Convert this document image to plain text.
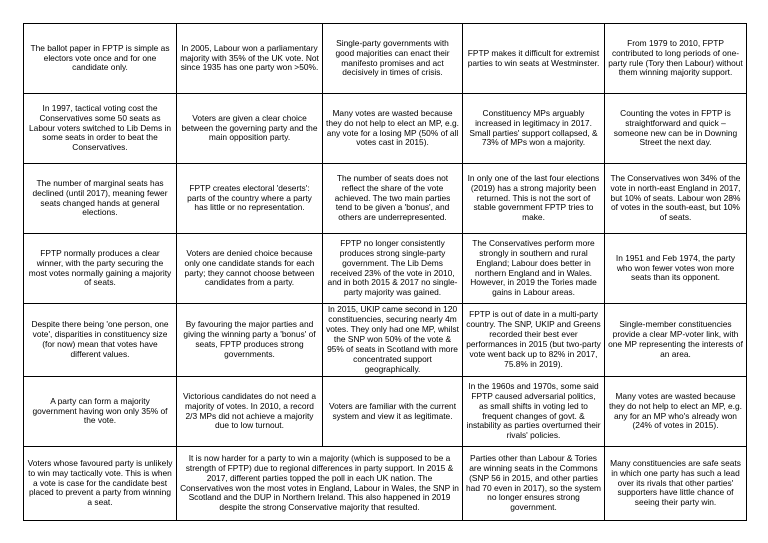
The ballot paper in FPTP is simple as electors vote once and for one candidate only.	In 2005, Labour won a parliamentary majority with 35% of the UK vote. Not since 1935 has one party won >50%.	Single-party governments with good majorities can enact their manifesto promises and act decisively in times of crisis.	FPTP makes it difficult for extremist parties to win seats at Westminster.	From 1979 to 2010, FPTP contributed to long periods of one-party rule (Tory then Labour) without them winning majority support.
In 1997, tactical voting cost the Conservatives some 50 seats as Labour voters switched to Lib Dems in some seats in order to beat the Conservatives.	Voters are given a clear choice between the governing party and the main opposition party.	Many votes are wasted because they do not help to elect an MP, e.g. any vote for a losing MP (50% of all votes cast in 2015).	Constituency MPs arguably increased in legitimacy in 2017. Small parties' support collapsed, & 73% of MPs won a majority.	Counting the votes in FPTP is straightforward and quick – someone new can be in Downing Street the next day.
The number of marginal seats has declined (until 2017), meaning fewer seats changed hands at general elections.	FPTP creates electoral 'deserts': parts of the country where a party has little or no representation.	The number of seats does not reflect the share of the vote achieved. The two main parties tend to be given a 'bonus', and others are underrepresented.	In only one of the last four elections (2019) has a strong majority been returned. This is not the sort of stable government FPTP tries to make.	The Conservatives won 34% of the vote in north-east England in 2017, but 10% of seats. Labour won 28% of votes in the south-east, but 10% of seats.
FPTP normally produces a clear winner, with the party securing the most votes normally gaining a majority of seats.	Voters are denied choice because only one candidate stands for each party; they cannot choose between candidates from a party.	FPTP no longer consistently produces strong single-party government. The Lib Dems received 23% of the vote in 2010, and in both 2015 & 2017 no single-party majority was gained.	The Conservatives perform more strongly in southern and rural England; Labour does better in northern England and in Wales. However, in 2019 the Tories made gains in Labour areas.	In 1951 and Feb 1974, the party who won fewer votes won more seats than its opponent.
Despite there being 'one person, one vote', disparities in constituency size (for now) mean that votes have different values.	By favouring the major parties and giving the winning party a 'bonus' of seats, FPTP produces strong governments.	In 2015, UKIP came second in 120 constituencies, securing nearly 4m votes. They only had one MP, whilst the SNP won 50% of the vote & 95% of seats in Scotland with more concentrated support geographically.	FPTP is out of date in a multi-party country. The SNP, UKIP and Greens recorded their best ever performances in 2015 (but two-party vote went back up to 82% in 2017, 75.8% in 2019).	Single-member constituencies provide a clear MP-voter link, with one MP representing the interests of an area.
A party can form a majority government having won only 35% of the vote.	Victorious candidates do not need a majority of votes. In 2010, a record 2/3 MPs did not achieve a majority due to low turnout.	Voters are familiar with the current system and view it as legitimate.	In the 1960s and 1970s, some said FPTP caused adversarial politics, as small shifts in voting led to frequent changes of govt. & instability as parties overturned their rivals' policies.	Many votes are wasted because they do not help to elect an MP, e.g. any for an MP who's already won (24% of votes in 2015).
Voters whose favoured party is unlikely to win may tactically vote. This is when a vote is case for the candidate best placed to prevent a party from winning a seat.	It is now harder for a party to win a majority (which is supposed to be a strength of FPTP) due to regional differences in party support. In 2015 & 2017, different parties topped the poll in each UK nation. The Conservatives won the most votes in England, Labour in Wales, the SNP in Scotland and the DUP in Northern Ireland. This also happened in 2019 despite the strong Conservative majority that resulted.		Parties other than Labour & Tories are winning seats in the Commons (SNP 56 in 2015, and other parties had 70 even in 2017), so the system no longer ensures strong government.	Many constituencies are safe seats in which one party has such a lead over its rivals that other parties' supporters have little chance of seeing their party win.
